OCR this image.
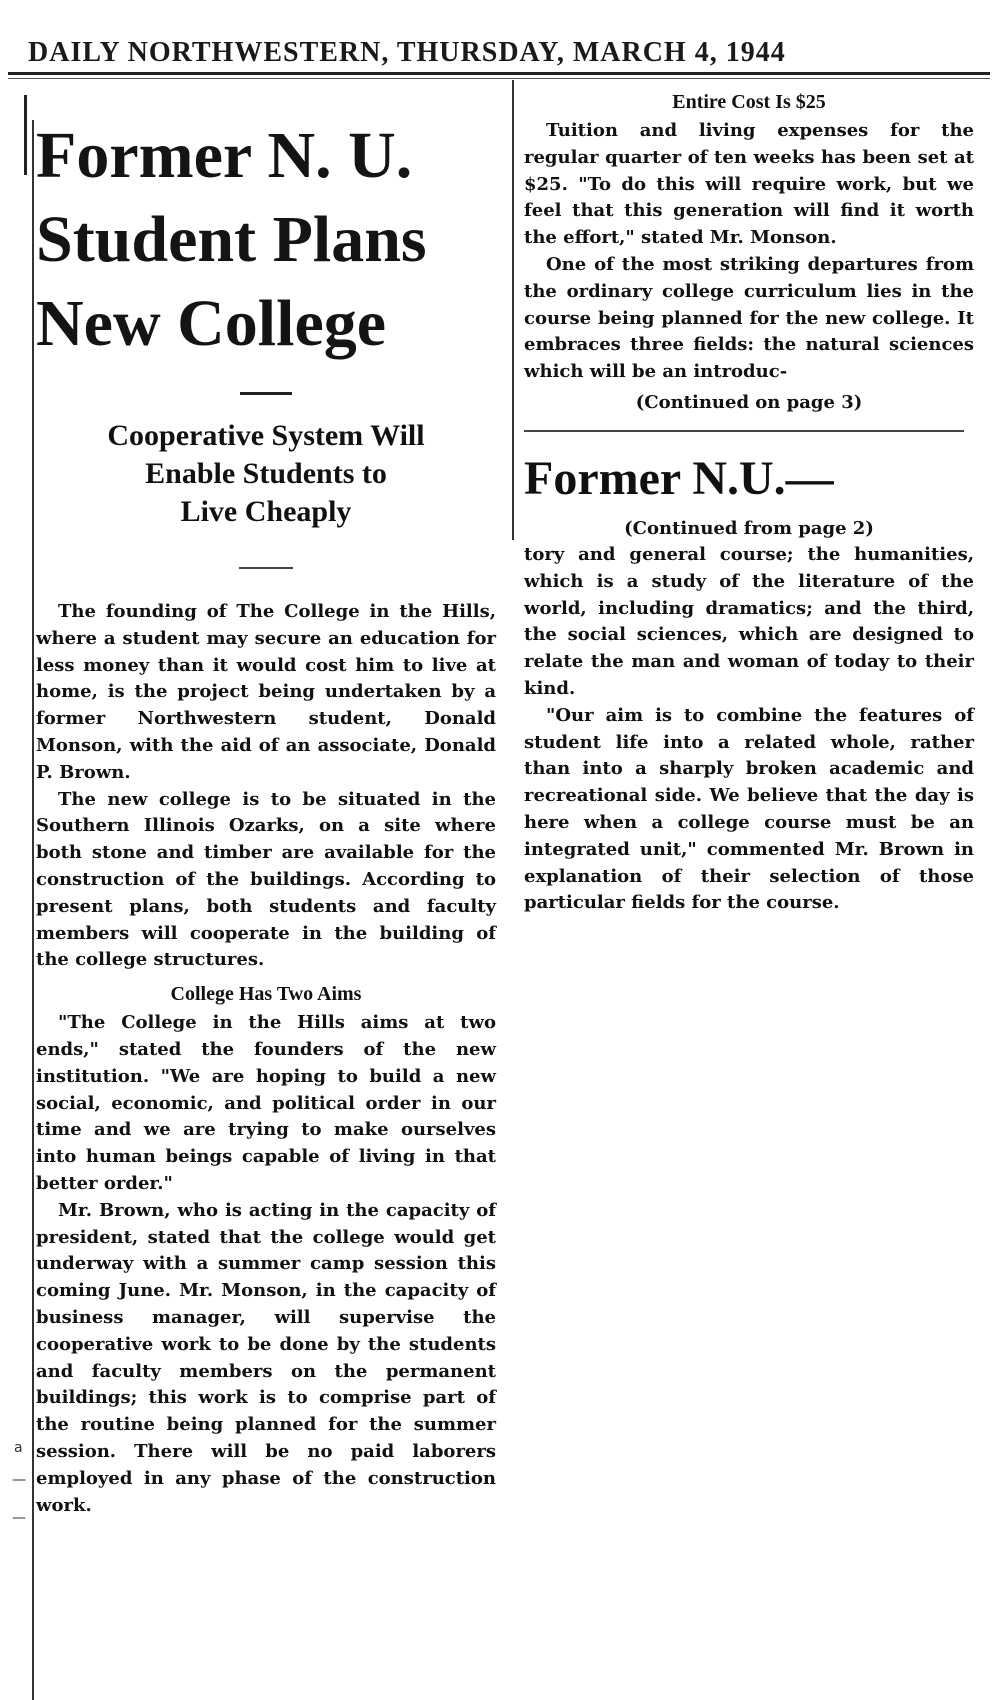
DAILY NORTHWESTERN, THURSDAY, MARCH 4, 1944
a
—
—
Former N. U.
Student Plans
New College
Cooperative System Will
Enable Students to
Live Cheaply

The founding of The College in the Hills, where a student may secure an education for less money than it would cost him to live at home, is the project being undertaken by a former Northwestern student, Donald Monson, with the aid of an associate, Donald P. Brown.

The new college is to be situated in the Southern Illinois Ozarks, on a site where both stone and timber are available for the construction of the buildings. According to present plans, both students and faculty members will cooperate in the building of the college structures.

College Has Two Aims

"The College in the Hills aims at two ends," stated the founders of the new institution. "We are hoping to build a new social, economic, and political order in our time and we are trying to make ourselves into human beings capable of living in that better order."

Mr. Brown, who is acting in the capacity of president, stated that the college would get underway with a summer camp session this coming June. Mr. Monson, in the capacity of business manager, will supervise the cooperative work to be done by the students and faculty members on the permanent buildings; this work is to comprise part of the routine being planned for the summer session. There will be no paid laborers employed in any phase of the construction work.

Entire Cost Is $25

Tuition and living expenses for the regular quarter of ten weeks has been set at $25. "To do this will require work, but we feel that this generation will find it worth the effort," stated Mr. Monson.

One of the most striking departures from the ordinary college curriculum lies in the course being planned for the new college. It embraces three fields: the natural sciences which will be an introduc-

(Continued on page 3)
Former N.U.—
(Continued from page 2)

tory and general course; the humanities, which is a study of the literature of the world, including dramatics; and the third, the social sciences, which are designed to relate the man and woman of today to their kind.

"Our aim is to combine the features of student life into a related whole, rather than into a sharply broken academic and recreational side. We believe that the day is here when a college course must be an integrated unit," commented Mr. Brown in explanation of their selection of those particular fields for the course.
